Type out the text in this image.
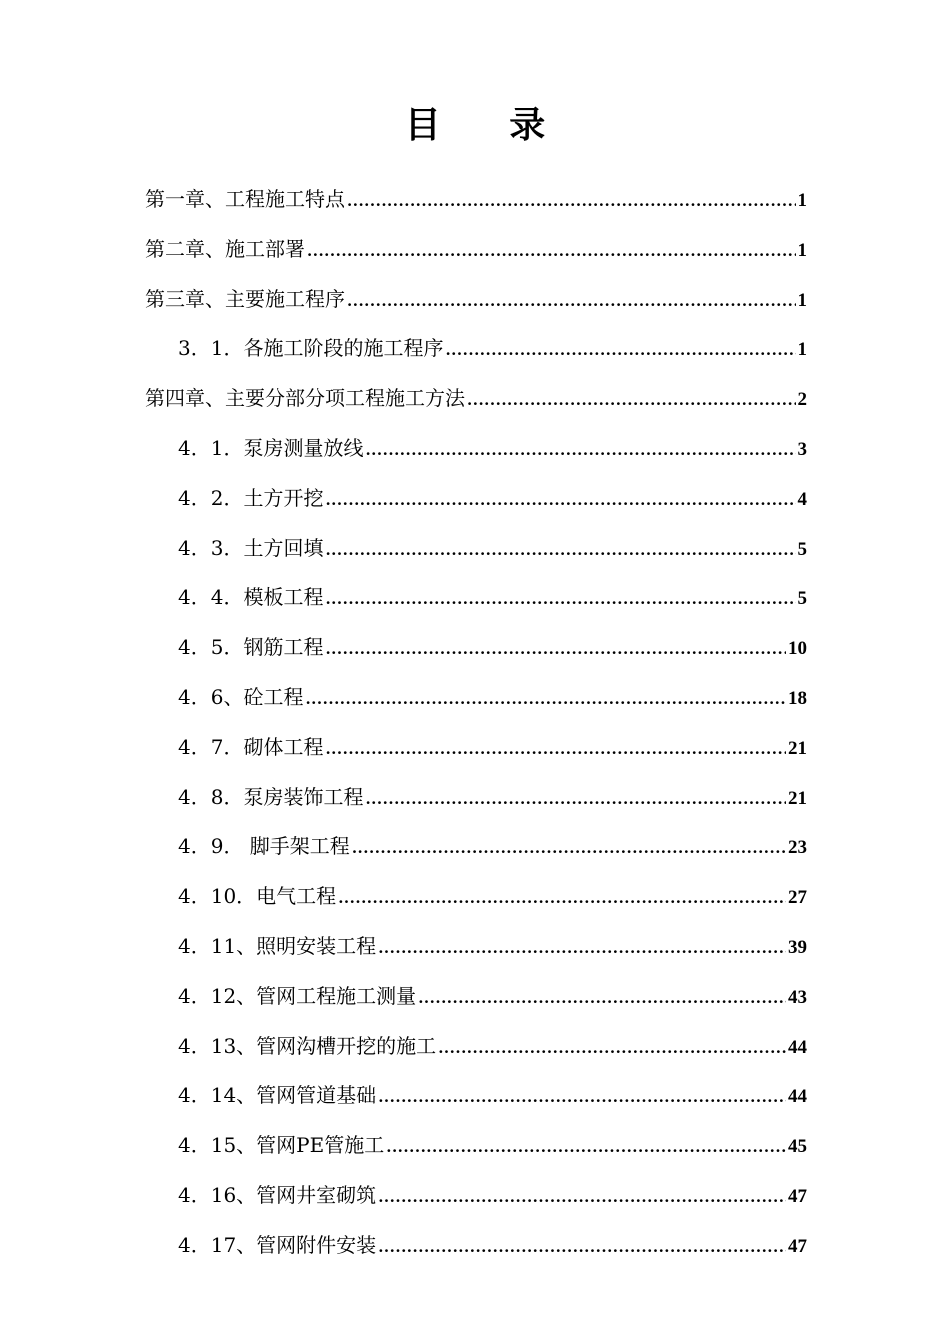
目 录
第一章、工程施工特点 .....	1
第二章、施工部署 .....	1
第三章、主要施工程序 .....	1
3．1．各施工阶段的施工程序 .....	1
第四章、主要分部分项工程施工方法 .....	2
4．1．泵房测量放线 .....	3
4．2．土方开挖 .....	4
4．3．土方回填 .....	5
4．4．模板工程 .....	5
4．5．钢筋工程 .....	10
4．6、砼工程 .....	18
4．7．砌体工程 .....	21
4．8．泵房装饰工程 .....	21
4．9． 脚手架工程 .....	23
4．10．电气工程 .....	27
4．11、照明安装工程 .....	39
4．12、管网工程施工测量 .....	43
4．13、管网沟槽开挖的施工 .....	44
4．14、管网管道基础 .....	44
4．15、管网PE管施工 .....	45
4．16、管网井室砌筑 .....	47
4．17、管网附件安装 .....	47
